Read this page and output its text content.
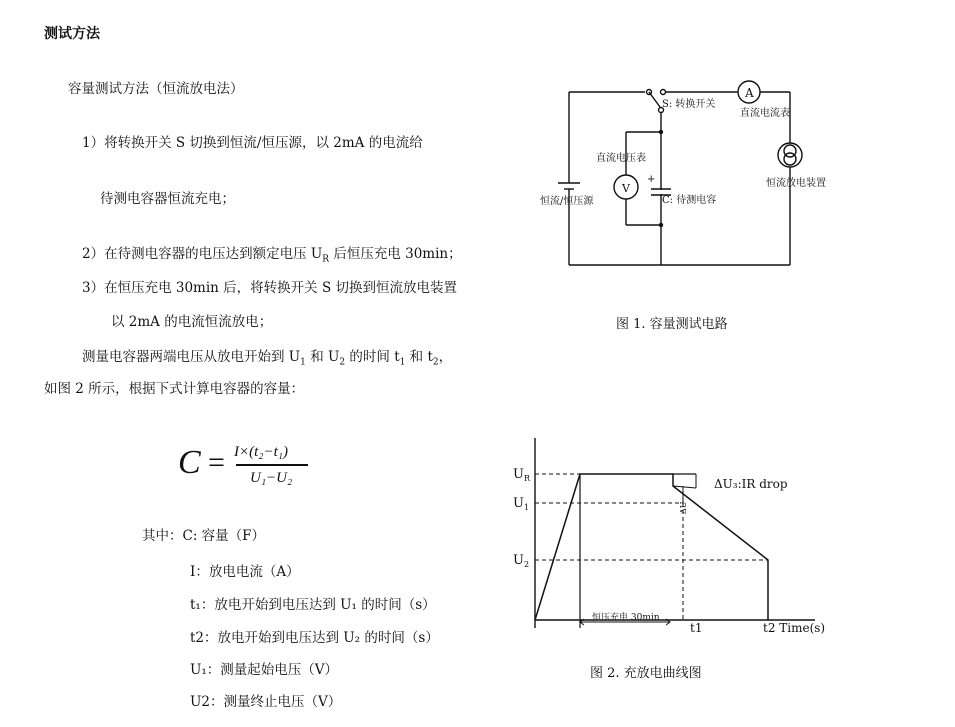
测试方法
容量测试方法（恒流放电法）
1）将转换开关 S 切换到恒流/恒压源，以 2mA 的电流给
待测电容器恒流充电；
2）在待测电容器的电压达到额定电压 $U_R$ 后恒压充电 30min；
3）在恒压充电 30min 后，将转换开关 S 切换到恒流放电装置
以 2mA 的电流恒流放电；
测量电容器两端电压从放电开始到 $U_1$ 和 $U_2$ 的时间 $t_1$ 和 $t_2$，
如图 2 所示，根据下式计算电容器的容量：
C = I×(t₂−t₁)
U₁−U₂
其中：C: 容量（F）
I：放电电流（A）
t₁：放电开始到电压达到 U₁ 的时间（s）
t2：放电开始到电压达到 U₂ 的时间（s）
U₁：测量起始电压（V）
U2：测量终止电压（V）
A
V
+
S: 转换开关
直流电流表
直流电压表
C: 待测电容
恒流/恒压源
恒流放电装置
图 1. 容量测试电路
$U_R$
$U_1$
$U_2$
ΔU₃:IR drop
ΔU
恒压充电 30min
t1	t2 Time(s)
图 2. 充放电曲线图
